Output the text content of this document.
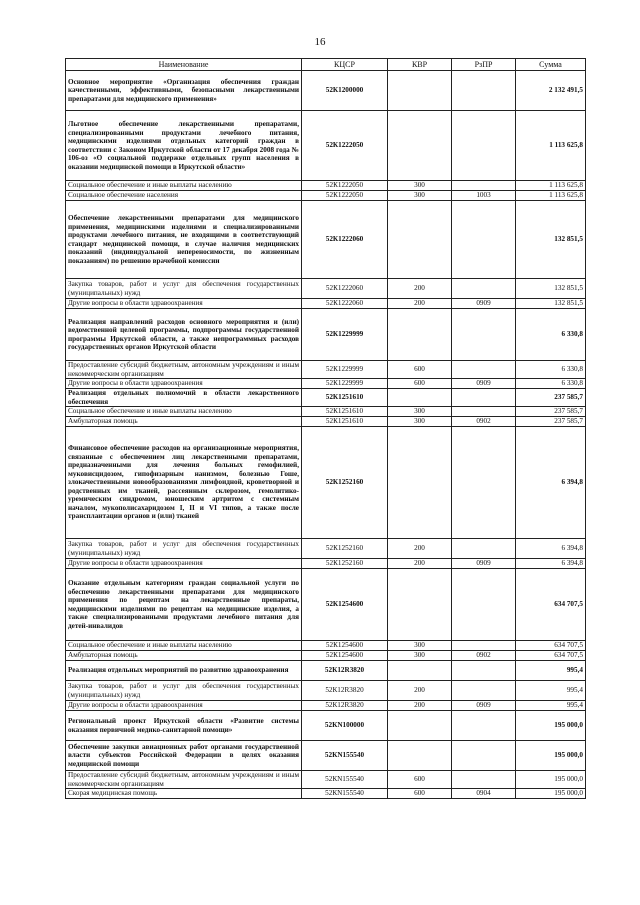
16
Наименование	КЦСР	КВР	РзПР	Сумма
Основное мероприятие «Организация обеспечения граждан качественными, эффективными, безопасными лекарственными препаратами для медицинского применения»	52К1200000			2 132 491,5
Льготное обеспечение лекарственными препаратами, специализированными продуктами лечебного питания, медицинскими изделиями отдельных категорий граждан в соответствии с Законом Иркутской области от 17 декабря 2008 года № 106-оз «О социальной поддержке отдельных групп населения в оказании медицинской помощи в Иркутской области»	52К1222050			1 113 625,8
Социальное обеспечение и иные выплаты населению	52К1222050	300		1 113 625,8
Социальное обеспечение населения	52К1222050	300	1003	1 113 625,8
Обеспечение лекарственными препаратами для медицинского применения, медицинскими изделиями и специализированными продуктами лечебного питания, не входящими в соответствующий стандарт медицинской помощи, в случае наличия медицинских показаний (индивидуальной непереносимости, по жизненным показаниям) по решению врачебной комиссии	52К1222060			132 851,5
Закупка товаров, работ и услуг для обеспечения государственных (муниципальных) нужд	52К1222060	200		132 851,5
Другие вопросы в области здравоохранения	52К1222060	200	0909	132 851,5
Реализация направлений расходов основного мероприятия и (или) ведомственной целевой программы, подпрограммы государственной программы Иркутской области, а также непрограммных расходов государственных органов Иркутской области	52К1229999			6 330,8
Предоставление субсидий бюджетным, автономным учреждениям и иным некоммерческим организациям	52К1229999	600		6 330,8
Другие вопросы в области здравоохранения	52К1229999	600	0909	6 330,8
Реализация отдельных полномочий в области лекарственного обеспечения	52К1251610			237 585,7
Социальное обеспечение и иные выплаты населению	52К1251610	300		237 585,7
Амбулаторная помощь	52К1251610	300	0902	237 585,7
Финансовое обеспечение расходов на организационные мероприятия, связанные с обеспечением лиц лекарственными препаратами, предназначенными для лечения больных гемофилией, муковисцидозом, гипофизарным нанизмом, болезнью Гоше, злокачественными новообразованиями лимфоидной, кроветворной и родственных им тканей, рассеянным склерозом, гемолитико-уремическим синдромом, юношеским артритом с системным началом, мукополисахаридозом I, II и VI типов, а также после трансплантации органов и (или) тканей	52К1252160			6 394,8
Закупка товаров, работ и услуг для обеспечения государственных (муниципальных) нужд	52К1252160	200		6 394,8
Другие вопросы в области здравоохранения	52К1252160	200	0909	6 394,8
Оказание отдельным категориям граждан социальной услуги по обеспечению лекарственными препаратами для медицинского применения по рецептам на лекарственные препараты, медицинскими изделиями по рецептам на медицинские изделия, а также специализированными продуктами лечебного питания для детей-инвалидов	52К1254600			634 707,5
Социальное обеспечение и иные выплаты населению	52К1254600	300		634 707,5
Амбулаторная помощь	52К1254600	300	0902	634 707,5
Реализация отдельных мероприятий по развитию здравоохранения	52К12R3820			995,4
Закупка товаров, работ и услуг для обеспечения государственных (муниципальных) нужд	52К12R3820	200		995,4
Другие вопросы в области здравоохранения	52К12R3820	200	0909	995,4
Региональный проект Иркутской области «Развитие системы оказания первичной медико-санитарной помощи»	52КN100000			195 000,0
Обеспечение закупки авиационных работ органами государственной власти субъектов Российской Федерации в целях оказания медицинской помощи	52КN155540			195 000,0
Предоставление субсидий бюджетным, автономным учреждениям и иным некоммерческим организациям	52КN155540	600		195 000,0
Скорая медицинская помощь	52КN155540	600	0904	195 000,0
